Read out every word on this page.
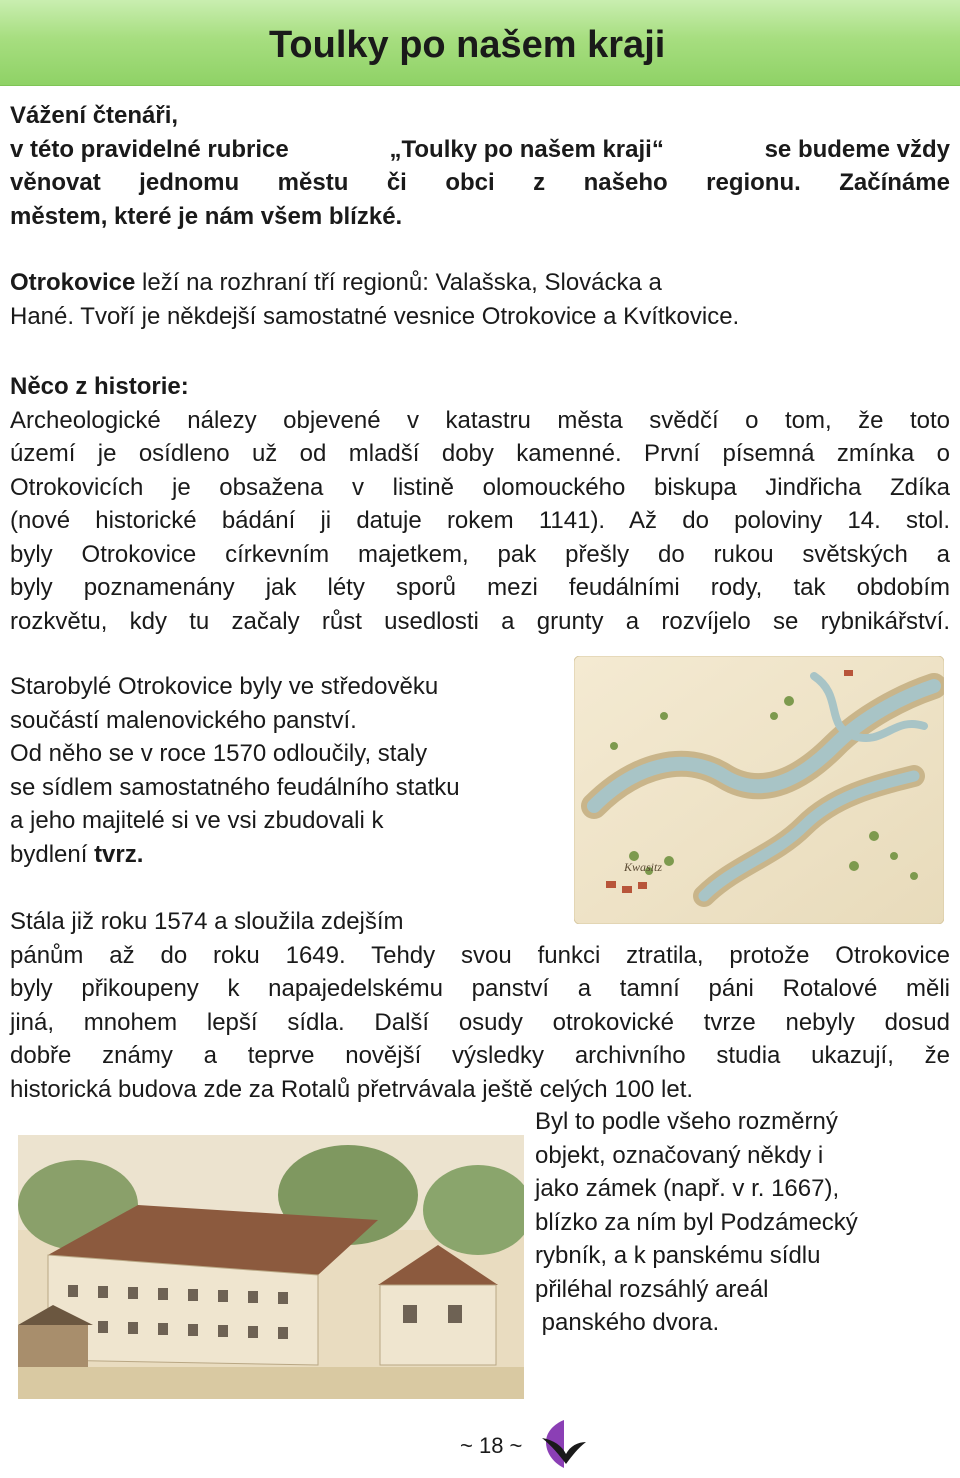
Toulky po našem kraji
Vážení čtenáři,
v této pravidelné rubrice	„Toulky po našem kraji“	se budeme vždy
věnovat jednomu městu či obci z našeho regionu. Začínáme
městem, které je nám všem blízké.
Otrokovice leží na rozhraní tří regionů: Valašska, Slovácka a
Hané. Tvoří je někdejší samostatné vesnice Otrokovice a Kvítkovice.
Něco z historie:
Archeologické nálezy objevené v katastru města svědčí o tom, že toto
území je osídleno už od mladší doby kamenné. První písemná zmínka o
Otrokovicích je obsažena v listině olomouckého biskupa Jindřicha Zdíka
(nové historické bádání ji datuje rokem 1141). Až do poloviny 14. stol.
byly Otrokovice církevním majetkem, pak přešly do rukou světských a
byly poznamenány jak léty sporů mezi feudálními rody, tak obdobím
rozkvětu, kdy tu začaly růst usedlosti a grunty a rozvíjelo se rybnikářství.
Starobylé Otrokovice byly ve středověku
součástí malenovického panství.
Od něho se v roce 1570 odloučily, staly
se sídlem samostatného feudálního statku
a jeho majitelé si ve vsi zbudovali k
bydlení tvrz.	Kwasitz
Stála již roku 1574 a sloužila zdejším
pánům až do roku 1649. Tehdy svou funkci ztratila, protože Otrokovice
byly přikoupeny k napajedelskému panství a tamní páni Rotalové měli
jiná, mnohem lepší sídla. Další osudy otrokovické tvrze nebyly dosud
dobře známy a teprve novější výsledky archivního studia ukazují, že
historická budova zde za Rotalů přetrvávala ještě celých 100 let.
Byl to podle všeho rozměrný
objekt, označovaný někdy i
jako zámek (např. v r. 1667),
blízko za ním byl Podzámecký
rybník, a k panskému sídlu
přiléhal rozsáhlý areál
panského dvora.
~ 18 ~
